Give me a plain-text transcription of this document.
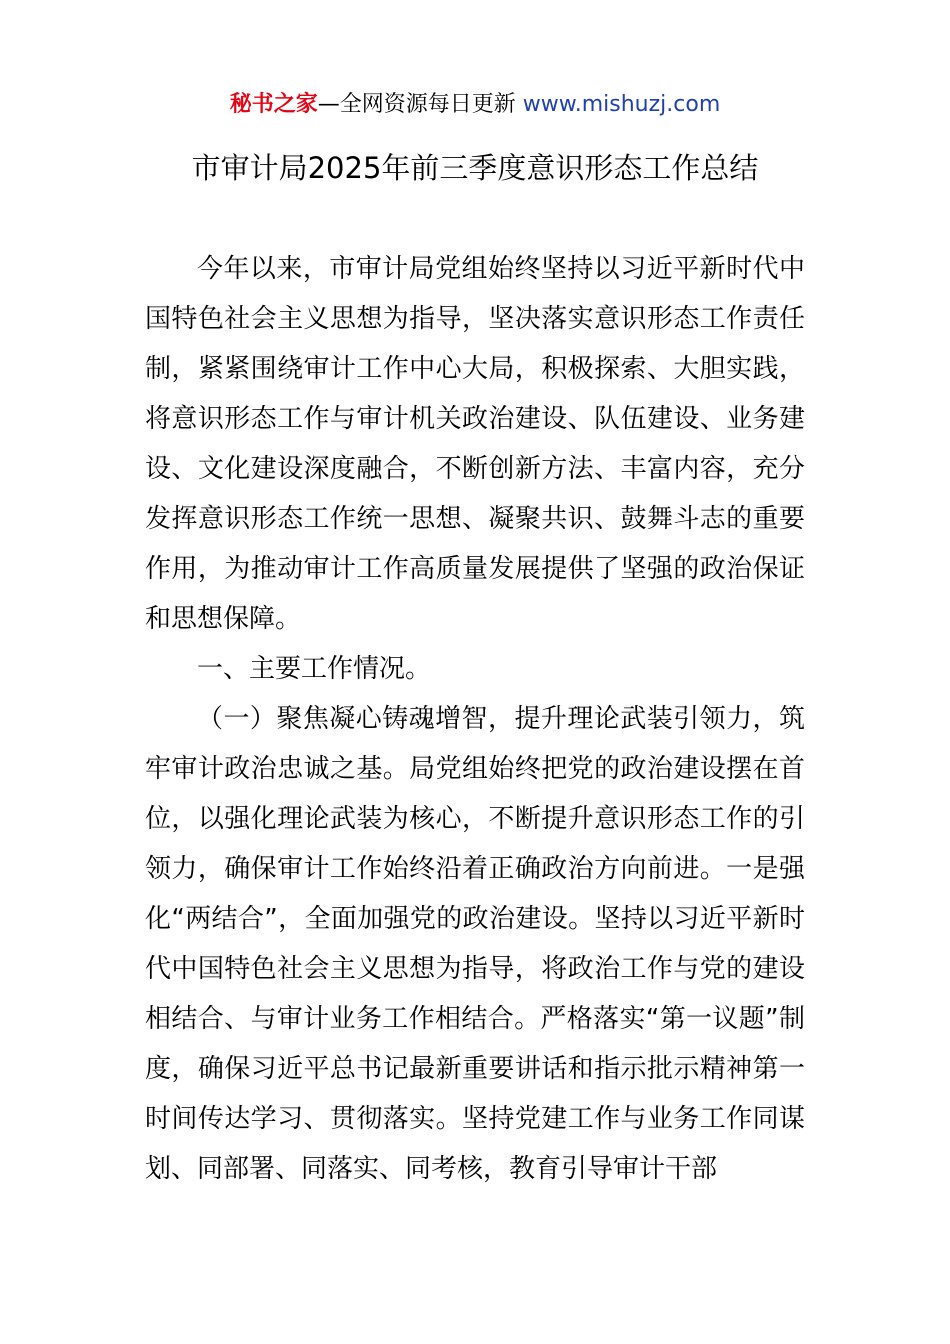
秘书之家—全网资源每日更新 www.mishuzj.com
市审计局2025年前三季度意识形态工作总结

今年以来，市审计局党组始终坚持以习近平新时代中国特色社会主义思想为指导，坚决落实意识形态工作责任制，紧紧围绕审计工作中心大局，积极探索、大胆实践，将意识形态工作与审计机关政治建设、队伍建设、业务建设、文化建设深度融合，不断创新方法、丰富内容，充分发挥意识形态工作统一思想、凝聚共识、鼓舞斗志的重要作用，为推动审计工作高质量发展提供了坚强的政治保证和思想保障。

一、主要工作情况。

（一）聚焦凝心铸魂增智，提升理论武装引领力，筑牢审计政治忠诚之基。局党组始终把党的政治建设摆在首位，以强化理论武装为核心，不断提升意识形态工作的引领力，确保审计工作始终沿着正确政治方向前进。一是强化“两结合”，全面加强党的政治建设。坚持以习近平新时代中国特色社会主义思想为指导，将政治工作与党的建设相结合、与审计业务工作相结合。严格落实“第一议题”制度，确保习近平总书记最新重要讲话和指示批示精神第一时间传达学习、贯彻落实。坚持党建工作与业务工作同谋划、同部署、同落实、同考核，教育引导审计干部
